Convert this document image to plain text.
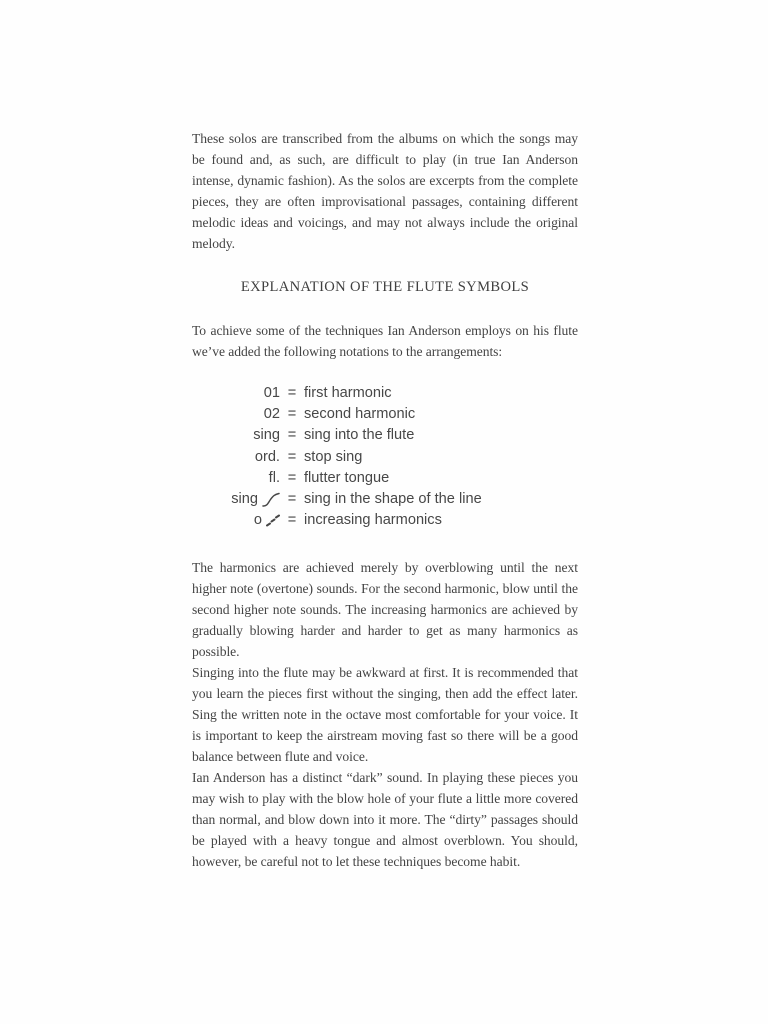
These solos are transcribed from the albums on which the songs may be found and, as such, are difficult to play (in true Ian Anderson intense, dynamic fashion). As the solos are excerpts from the complete pieces, they are often improvisational passages, containing different melodic ideas and voicings, and may not always include the original melody.

EXPLANATION OF THE FLUTE SYMBOLS

To achieve some of the techniques Ian Anderson employs on his flute we’ve added the following notations to the arrangements:

01 = first harmonic
02 = second harmonic
sing = sing into the flute
ord. = stop sing
fl. = flutter tongue
sing	= sing in the shape of the line
o	= increasing harmonics

The harmonics are achieved merely by overblowing until the next higher note (overtone) sounds. For the second harmonic, blow until the second higher note sounds. The increasing harmonics are achieved by gradually blowing harder and harder to get as many harmonics as possible.

Singing into the flute may be awkward at first. It is recommended that you learn the pieces first without the singing, then add the effect later. Sing the written note in the octave most comfortable for your voice. It is important to keep the airstream moving fast so there will be a good balance between flute and voice.

Ian Anderson has a distinct “dark” sound. In playing these pieces you may wish to play with the blow hole of your flute a little more covered than normal, and blow down into it more. The “dirty” passages should be played with a heavy tongue and almost overblown. You should, however, be careful not to let these techniques become habit.
